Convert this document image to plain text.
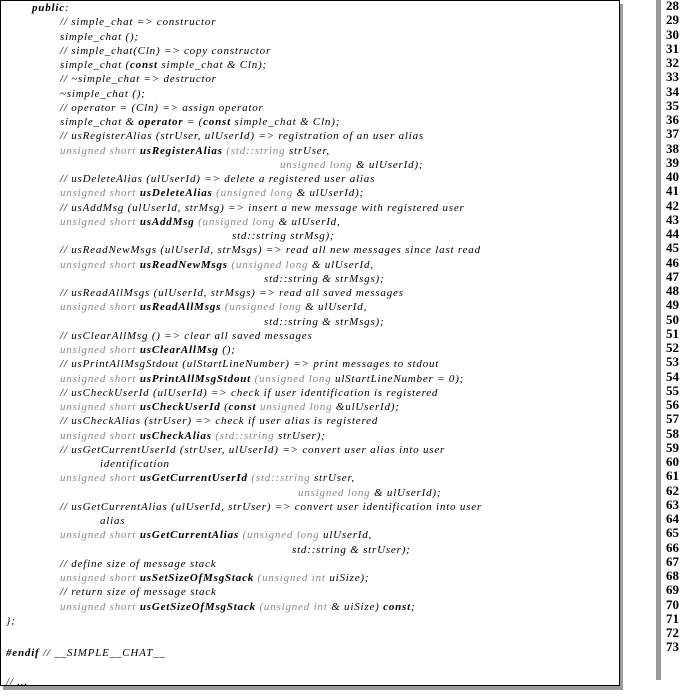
public:
// simple_chat => constructor
simple_chat ();
// simple_chat(Cln) => copy constructor
simple_chat (const simple_chat & Cln);
// ~simple_chat => destructor
~simple_chat ();
// operator = (Cln) => assign operator
simple_chat & operator = (const simple_chat & Cln);
// usRegisterAlias (strUser, ulUserId) => registration of an user alias
unsigned short usRegisterAlias (std::string strUser,
unsigned long & ulUserId);
// usDeleteAlias (ulUserId) => delete a registered user alias
unsigned short usDeleteAlias (unsigned long & ulUserId);
// usAddMsg (ulUserId, strMsg) => insert a new message with registered user
unsigned short usAddMsg (unsigned long & ulUserId,
std::string strMsg);
// usReadNewMsgs (ulUserId, strMsgs) => read all new messages since last read
unsigned short usReadNewMsgs (unsigned long & ulUserId,
std::string & strMsgs);
// usReadAllMsgs (ulUserId, strMsgs) => read all saved messages
unsigned short usReadAllMsgs (unsigned long & ulUserId,
std::string & strMsgs);
// usClearAllMsg () => clear all saved messages
unsigned short usClearAllMsg ();
// usPrintAllMsgStdout (ulStartLineNumber) => print messages to stdout
unsigned short usPrintAllMsgStdout (unsigned long ulStartLineNumber = 0);
// usCheckUserId (ulUserId) => check if user identification is registered
unsigned short usCheckUserId (const unsigned long &ulUserId);
// usCheckAlias (strUser) => check if user alias is registered
unsigned short usCheckAlias (std::string strUser);
// usGetCurrentUserId (strUser, ulUserId) => convert user alias into user
identification
unsigned short usGetCurrentUserId (std::string strUser,
unsigned long & ulUserId);
// usGetCurrentAlias (ulUserId, strUser) => convert user identification into user
alias
unsigned short usGetCurrentAlias (unsigned long ulUserId,
std::string & strUser);
// define size of message stack
unsigned short usSetSizeOfMsgStack (unsigned int uiSize);
// return size of message stack
unsigned short usGetSizeOfMsgStack (unsigned int & uiSize) const;
};
#endif // __SIMPLE__CHAT__
// ...
28
29
30
31
32
33
34
35
36
37
38
39
40
41
42
43
44
45
46
47
48
49
50
51
52
53
54
55
56
57
58
59
60
61
62
63
64
65
66
67
68
69
70
71
72
73
